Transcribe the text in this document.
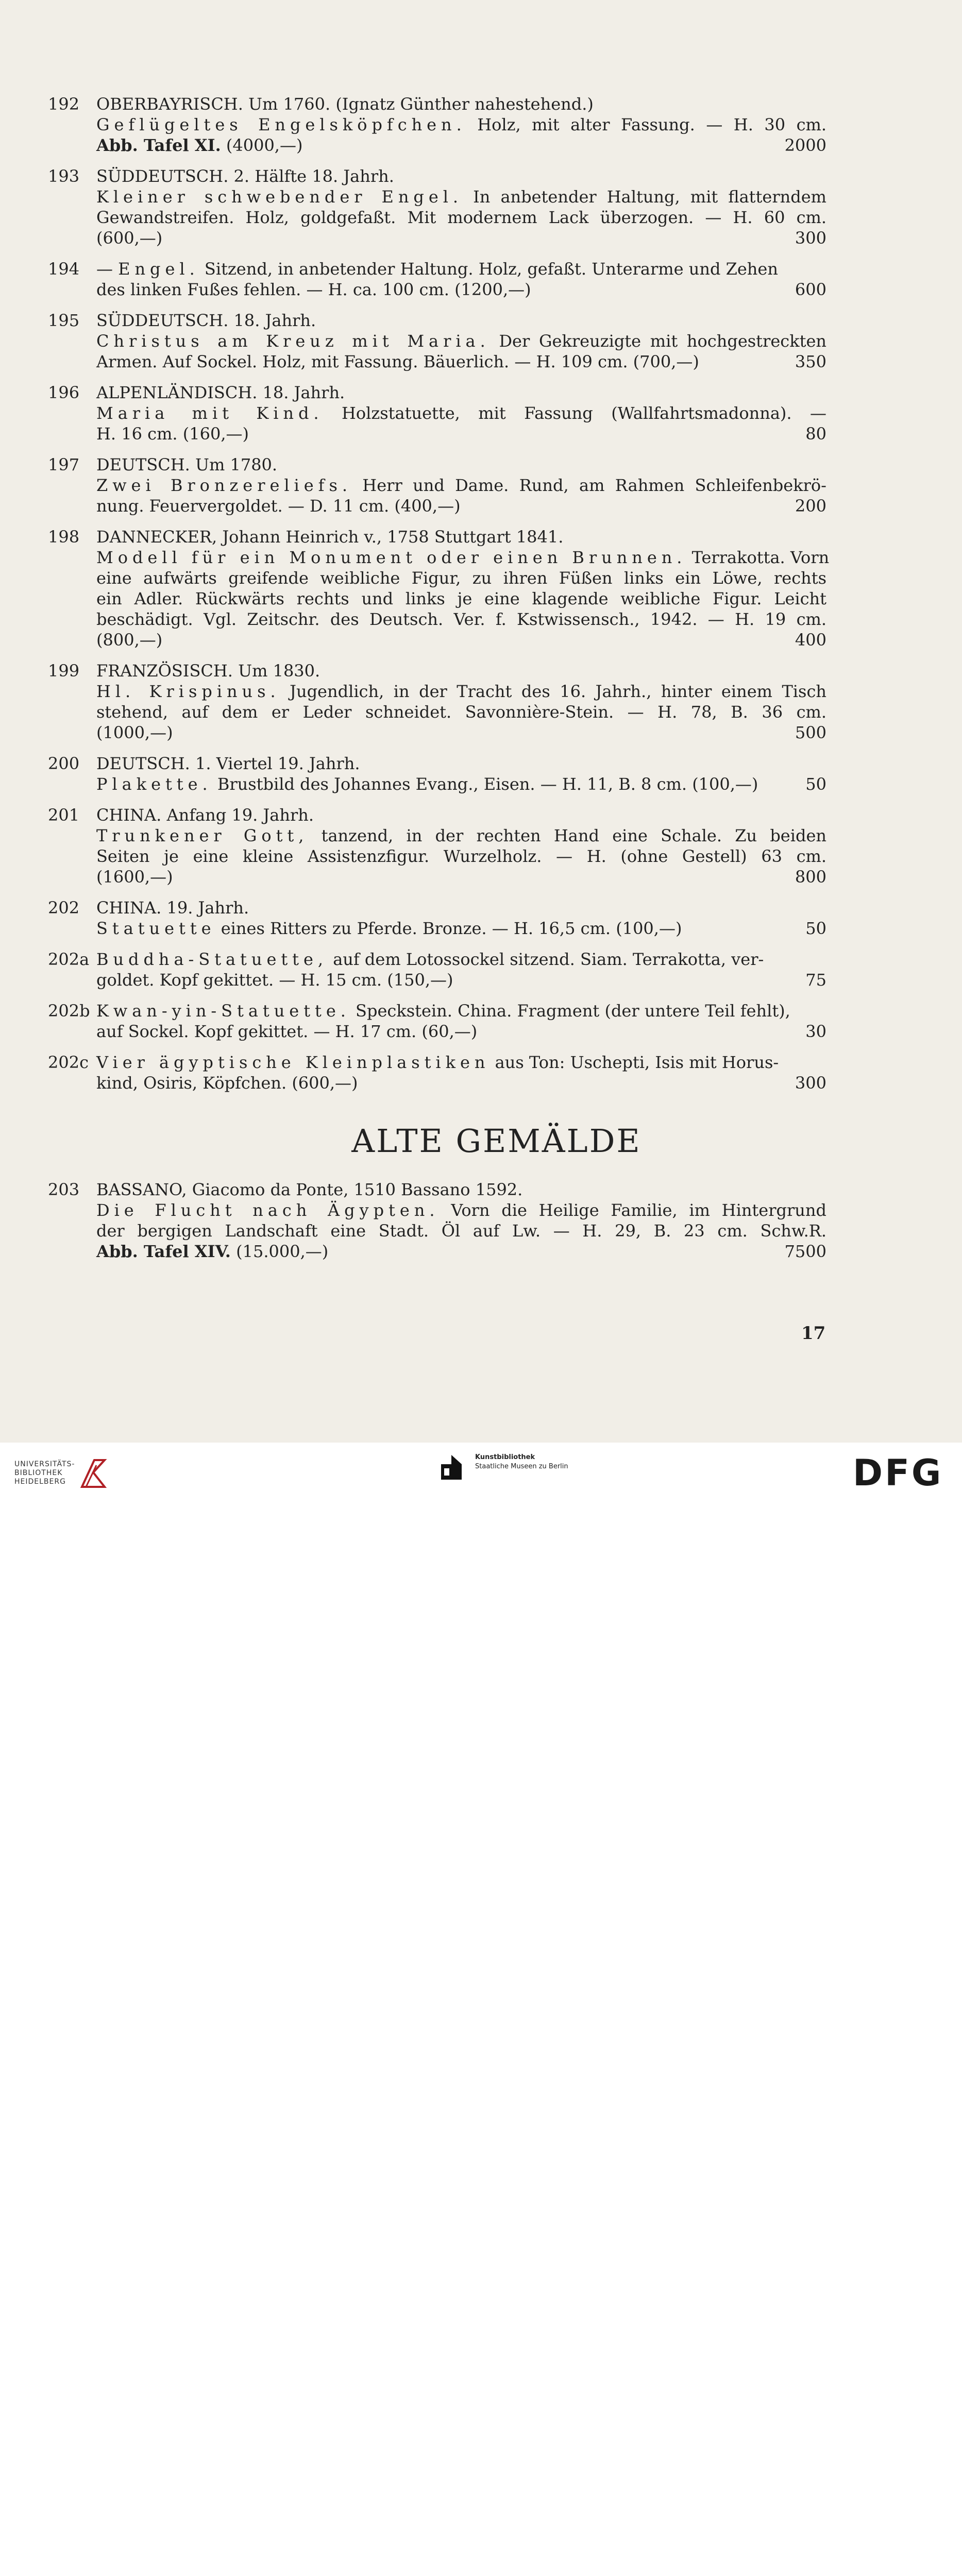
192 OBERBAYRISCH. Um 1760. (Ignatz Günther nahestehend.)
Geflügeltes Engelsköpfchen. Holz, mit alter Fassung. — H. 30 cm.
Abb. Tafel XI. (4000,—)	2000
193 SÜDDEUTSCH. 2. Hälfte 18. Jahrh.
Kleiner schwebender Engel. In anbetender Haltung, mit flatterndem
Gewandstreifen. Holz, goldgefaßt. Mit modernem Lack überzogen. — H. 60 cm.
(600,—)	300
194 — Engel. Sitzend, in anbetender Haltung. Holz, gefaßt. Unterarme und Zehen
des linken Fußes fehlen. — H. ca. 100 cm. (1200,—)	600
195 SÜDDEUTSCH. 18. Jahrh.
Christus am Kreuz mit Maria. Der Gekreuzigte mit hochgestreckten
Armen. Auf Sockel. Holz, mit Fassung. Bäuerlich. — H. 109 cm. (700,—)	350
196 ALPENLÄNDISCH. 18. Jahrh.
Maria mit Kind. Holzstatuette, mit Fassung (Wallfahrtsmadonna). —
H. 16 cm. (160,—)	80
197 DEUTSCH. Um 1780.
Zwei Bronzereliefs. Herr und Dame. Rund, am Rahmen Schleifenbekrö-
nung. Feuervergoldet. — D. 11 cm. (400,—)	200
198 DANNECKER, Johann Heinrich v., 1758 Stuttgart 1841.
Modell für ein Monument oder einen Brunnen. Terrakotta. Vorn
eine aufwärts greifende weibliche Figur, zu ihren Füßen links ein Löwe, rechts
ein Adler. Rückwärts rechts und links je eine klagende weibliche Figur. Leicht
beschädigt. Vgl. Zeitschr. des Deutsch. Ver. f. Kstwissensch., 1942. — H. 19 cm.
(800,—)	400
199 FRANZÖSISCH. Um 1830.
Hl. Krispinus. Jugendlich, in der Tracht des 16. Jahrh., hinter einem Tisch
stehend, auf dem er Leder schneidet. Savonnière-Stein. — H. 78, B. 36 cm.
(1000,—)	500
200 DEUTSCH. 1. Viertel 19. Jahrh.
Plakette. Brustbild des Johannes Evang., Eisen. — H. 11, B. 8 cm. (100,—)	50
201 CHINA. Anfang 19. Jahrh.
Trunkener Gott, tanzend, in der rechten Hand eine Schale. Zu beiden
Seiten je eine kleine Assistenzfigur. Wurzelholz. — H. (ohne Gestell) 63 cm.
(1600,—)	800
202 CHINA. 19. Jahrh.
Statuette eines Ritters zu Pferde. Bronze. — H. 16,5 cm. (100,—)	50
202a Buddha-Statuette, auf dem Lotossockel sitzend. Siam. Terrakotta, ver-
goldet. Kopf gekittet. — H. 15 cm. (150,—)	75
202b Kwan-yin-Statuette. Speckstein. China. Fragment (der untere Teil fehlt),
auf Sockel. Kopf gekittet. — H. 17 cm. (60,—)	30
202c Vier ägyptische Kleinplastiken aus Ton: Uschepti, Isis mit Horus-
kind, Osiris, Köpfchen. (600,—)	300
ALTE GEMÄLDE
203 BASSANO, Giacomo da Ponte, 1510 Bassano 1592.
Die Flucht nach Ägypten. Vorn die Heilige Familie, im Hintergrund
der bergigen Landschaft eine Stadt. Öl auf Lw. — H. 29, B. 23 cm. Schw.R.
Abb. Tafel XIV. (15.000,—)	7500
17
UNIVERSITÄTS-
BIBLIOTHEK
HEIDELBERG
Kunstbibliothek
Staatliche Museen zu Berlin	DFG
